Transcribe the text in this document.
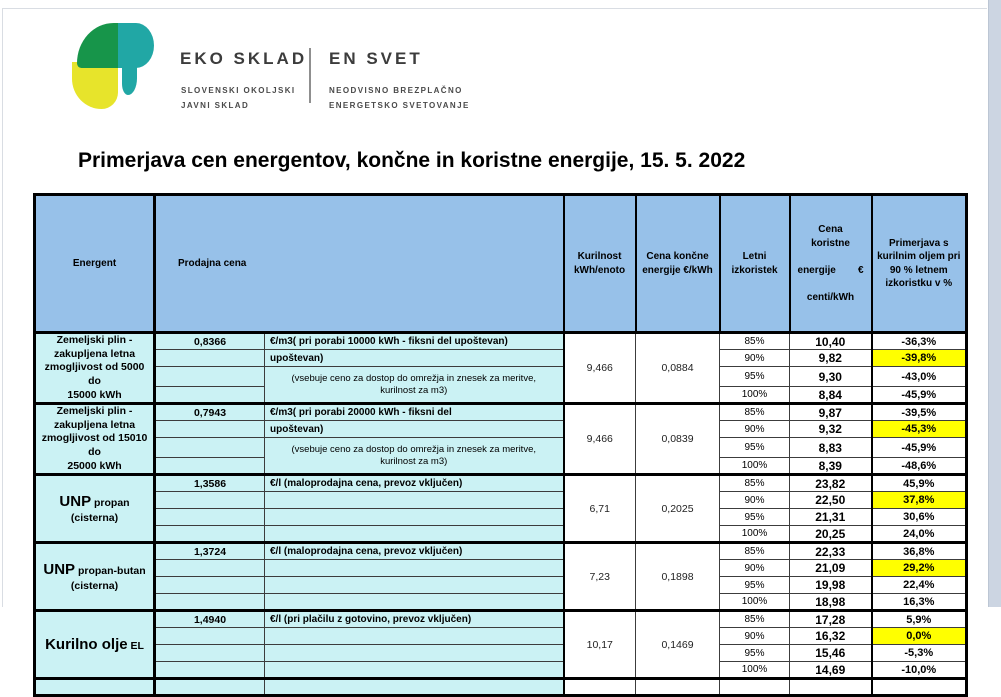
EKO SKLAD EN SVET
SLOVENSKI OKOLJSKI
JAVNI SKLAD
NEODVISNO BREZPLAČNO
ENERGETSKO SVETOVANJE
Primerjava cen energentov, končne in koristne energije, 15. 5. 2022
Energent	Prodajna cena	Kurilnost
kWh/enoto	Cena končne
energije €/kWh	Letni
izkoristek	

Cena koristne

energije €

centi/kWh

	Primerjava s
kurilnim oljem pri
90 % letnem
izkoristku v %

Zemeljski plin -
zakupljena letna
zmogljivost od 5000 do
15000 kWh	0,8366	€/m3( pri porabi 10000 kWh - fiksni del upoštevan)	9,466	0,0884	85%	10,40	-36,3%
		upoštevan)			90%	9,82	-39,8%
		(vsebuje ceno za dostop do omrežja in znesek za meritve,
kurilnost za m3)			95%	9,30	-43,0%
					100%	8,84	-45,9%

Zemeljski plin -
zakupljena letna
zmogljivost od 15010 do
25000 kWh	0,7943	€/m3( pri porabi 20000 kWh - fiksni del	9,466	0,0839	85%	9,87	-39,5%
		upoštevan)			90%	9,32	-45,3%
		(vsebuje ceno za dostop do omrežja in znesek za meritve,
kurilnost za m3)			95%	8,83	-45,9%
					100%	8,39	-48,6%

UNP propan (cisterna)	1,3586	€/l (maloprodajna cena, prevoz vključen)	6,71	0,2025	85%	23,82	45,9%
					90%	22,50	37,8%
					95%	21,31	30,6%
					100%	20,25	24,0%

UNP propan-butan (cisterna)	1,3724	€/l (maloprodajna cena, prevoz vključen)	7,23	0,1898	85%	22,33	36,8%
					90%	21,09	29,2%
					95%	19,98	22,4%
					100%	18,98	16,3%

Kurilno olje EL	1,4940	€/l (pri plačilu z gotovino, prevoz vključen)	10,17	0,1469	85%	17,28	5,9%
					90%	16,32	0,0%
					95%	15,46	-5,3%
					100%	14,69	-10,0%
